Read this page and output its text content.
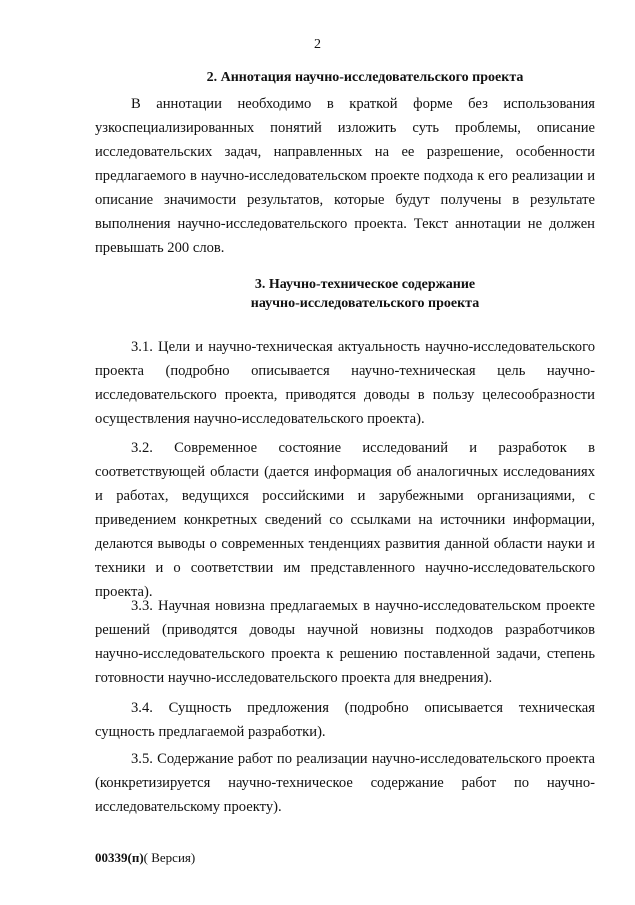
2
2. Аннотация научно-исследовательского проекта
В аннотации необходимо в краткой форме без использования узкоспециализированных понятий изложить суть проблемы, описание исследовательских задач, направленных на ее разрешение, особенности предлагаемого в научно-исследовательском проекте подхода к его реализации и описание значимости результатов, которые будут получены в результате выполнения научно-исследовательского проекта. Текст аннотации не должен превышать 200 слов.
3. Научно-техническое содержание
научно-исследовательского проекта
3.1. Цели и научно-техническая актуальность научно-исследовательского проекта (подробно описывается научно-техническая цель научно-исследовательского проекта, приводятся доводы в пользу целесообразности осуществления научно-исследовательского проекта).
3.2. Современное состояние исследований и разработок в соответствующей области (дается информация об аналогичных исследованиях и работах, ведущихся российскими и зарубежными организациями, с приведением конкретных сведений со ссылками на источники информации, делаются выводы о современных тенденциях развития данной области науки и техники и о соответствии им представленного научно-исследовательского проекта).
3.3. Научная новизна предлагаемых в научно-исследовательском проекте решений (приводятся доводы научной новизны подходов разработчиков научно-исследовательского проекта к решению поставленной задачи, степень готовности научно-исследовательского проекта для внедрения).
3.4. Сущность предложения (подробно описывается техническая сущность предлагаемой разработки).
3.5. Содержание работ по реализации научно-исследовательского проекта (конкретизируется научно-техническое содержание работ по научно-исследовательскому проекту).
00339(п)( Версия)
